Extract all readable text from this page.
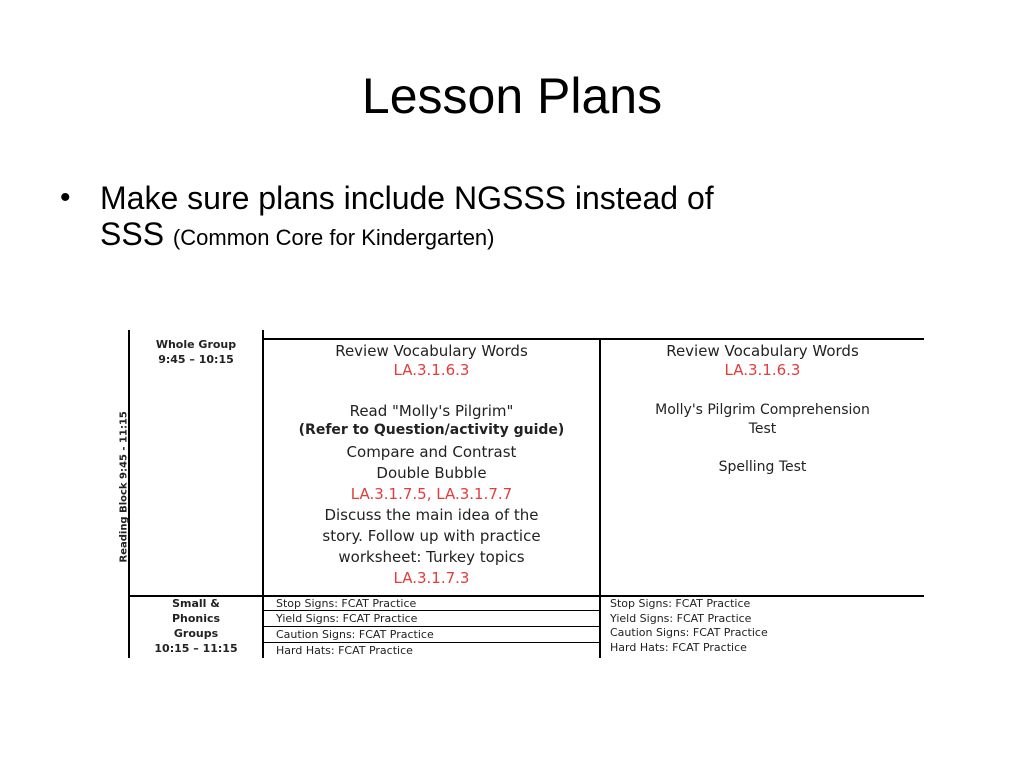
Lesson Plans
• Make sure plans include NGSSS instead of
SSS (Common Core for Kindergarten)
Reading Block 9:45 - 11:15
Whole Group
9:45 – 10:15	Review Vocabulary Words
LA.3.1.6.3
Read "Molly's Pilgrim"
(Refer to Question/activity guide)
Compare and Contrast
Double Bubble
LA.3.1.7.5, LA.3.1.7.7
Discuss the main idea of the
story. Follow up with practice
worksheet: Turkey topics
LA.3.1.7.3
Review Vocabulary Words
LA.3.1.6.3
Molly's Pilgrim Comprehension
Test
Spelling Test
Small &
Phonics
Groups
10:15 – 11:15
Stop Signs: FCAT Practice
Yield Signs: FCAT Practice
Caution Signs: FCAT Practice
Hard Hats: FCAT Practice
Stop Signs: FCAT Practice
Yield Signs: FCAT Practice
Caution Signs: FCAT Practice
Hard Hats: FCAT Practice
